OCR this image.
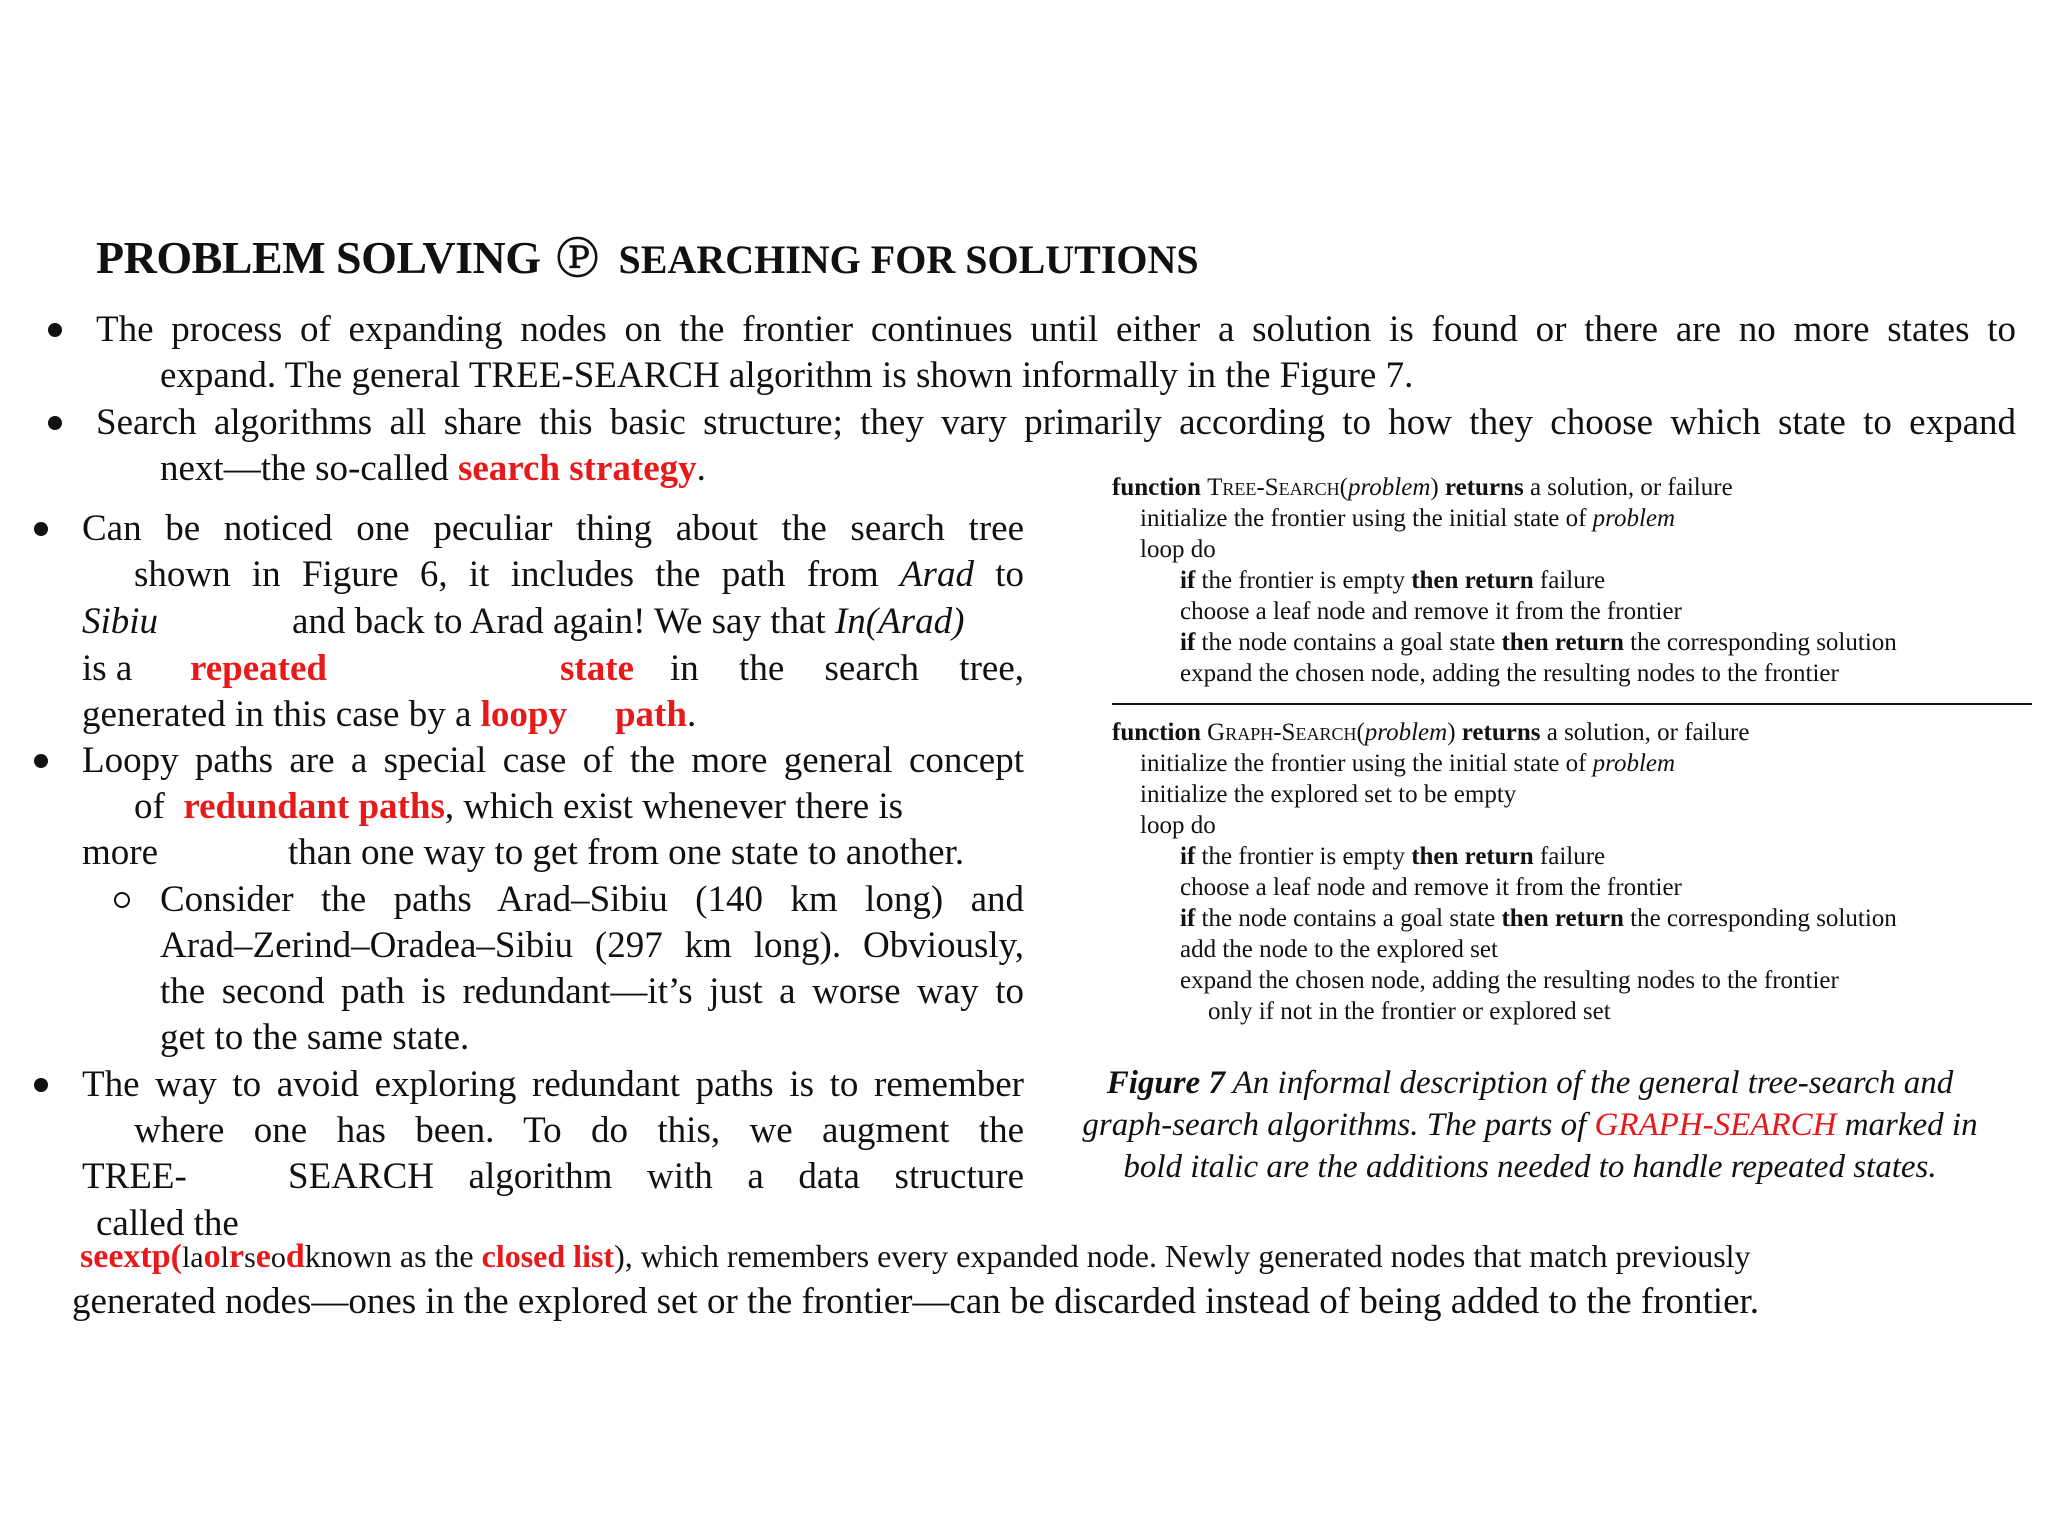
PROBLEM SOLVING Ⓟ SEARCHING FOR SOLUTIONS
The process of expanding nodes on the frontier continues until either a solution is found or there are no more states to
expand. The general TREE-SEARCH algorithm is shown informally in the Figure 7.
Search algorithms all share this basic structure; they vary primarily according to how they choose which state to expand
next—the so-called search strategy.
Can be noticed one peculiar thing about the search tree
shown in Figure 6, it includes the path from Arad to
Sibiu	and back to Arad again! We say that In(Arad)
is a repeated	state in the search tree,
generated in this case by a loopy path.
Loopy paths are a special case of the more general concept
of redundant paths, which exist whenever there is
more	than one way to get from one state to another.
Consider the paths Arad–Sibiu (140 km long) and
Arad–Zerind–Oradea–Sibiu (297 km long). Obviously,
the second path is redundant—it’s just a worse way to
get to the same state.
The way to avoid exploring redundant paths is to remember
where one has been. To do this, we augment the
TREE-	SEARCH algorithm with a data structure
called the
seextp(laolrseodknown as the closed list), which remembers every expanded node. Newly generated nodes that match previously
generated nodes—ones in the explored set or the frontier—can be discarded instead of being added to the frontier.
function Tree-Search(problem) returns a solution, or failure
initialize the frontier using the initial state of problem
loop do
if the frontier is empty then return failure
choose a leaf node and remove it from the frontier
if the node contains a goal state then return the corresponding solution
expand the chosen node, adding the resulting nodes to the frontier
function Graph-Search(problem) returns a solution, or failure
initialize the frontier using the initial state of problem
initialize the explored set to be empty
loop do
if the frontier is empty then return failure
choose a leaf node and remove it from the frontier
if the node contains a goal state then return the corresponding solution
add the node to the explored set
expand the chosen node, adding the resulting nodes to the frontier
only if not in the frontier or explored set
Figure 7 An informal description of the general tree-search and
graph-search algorithms. The parts of GRAPH-SEARCH marked in
bold italic are the additions needed to handle repeated states.
